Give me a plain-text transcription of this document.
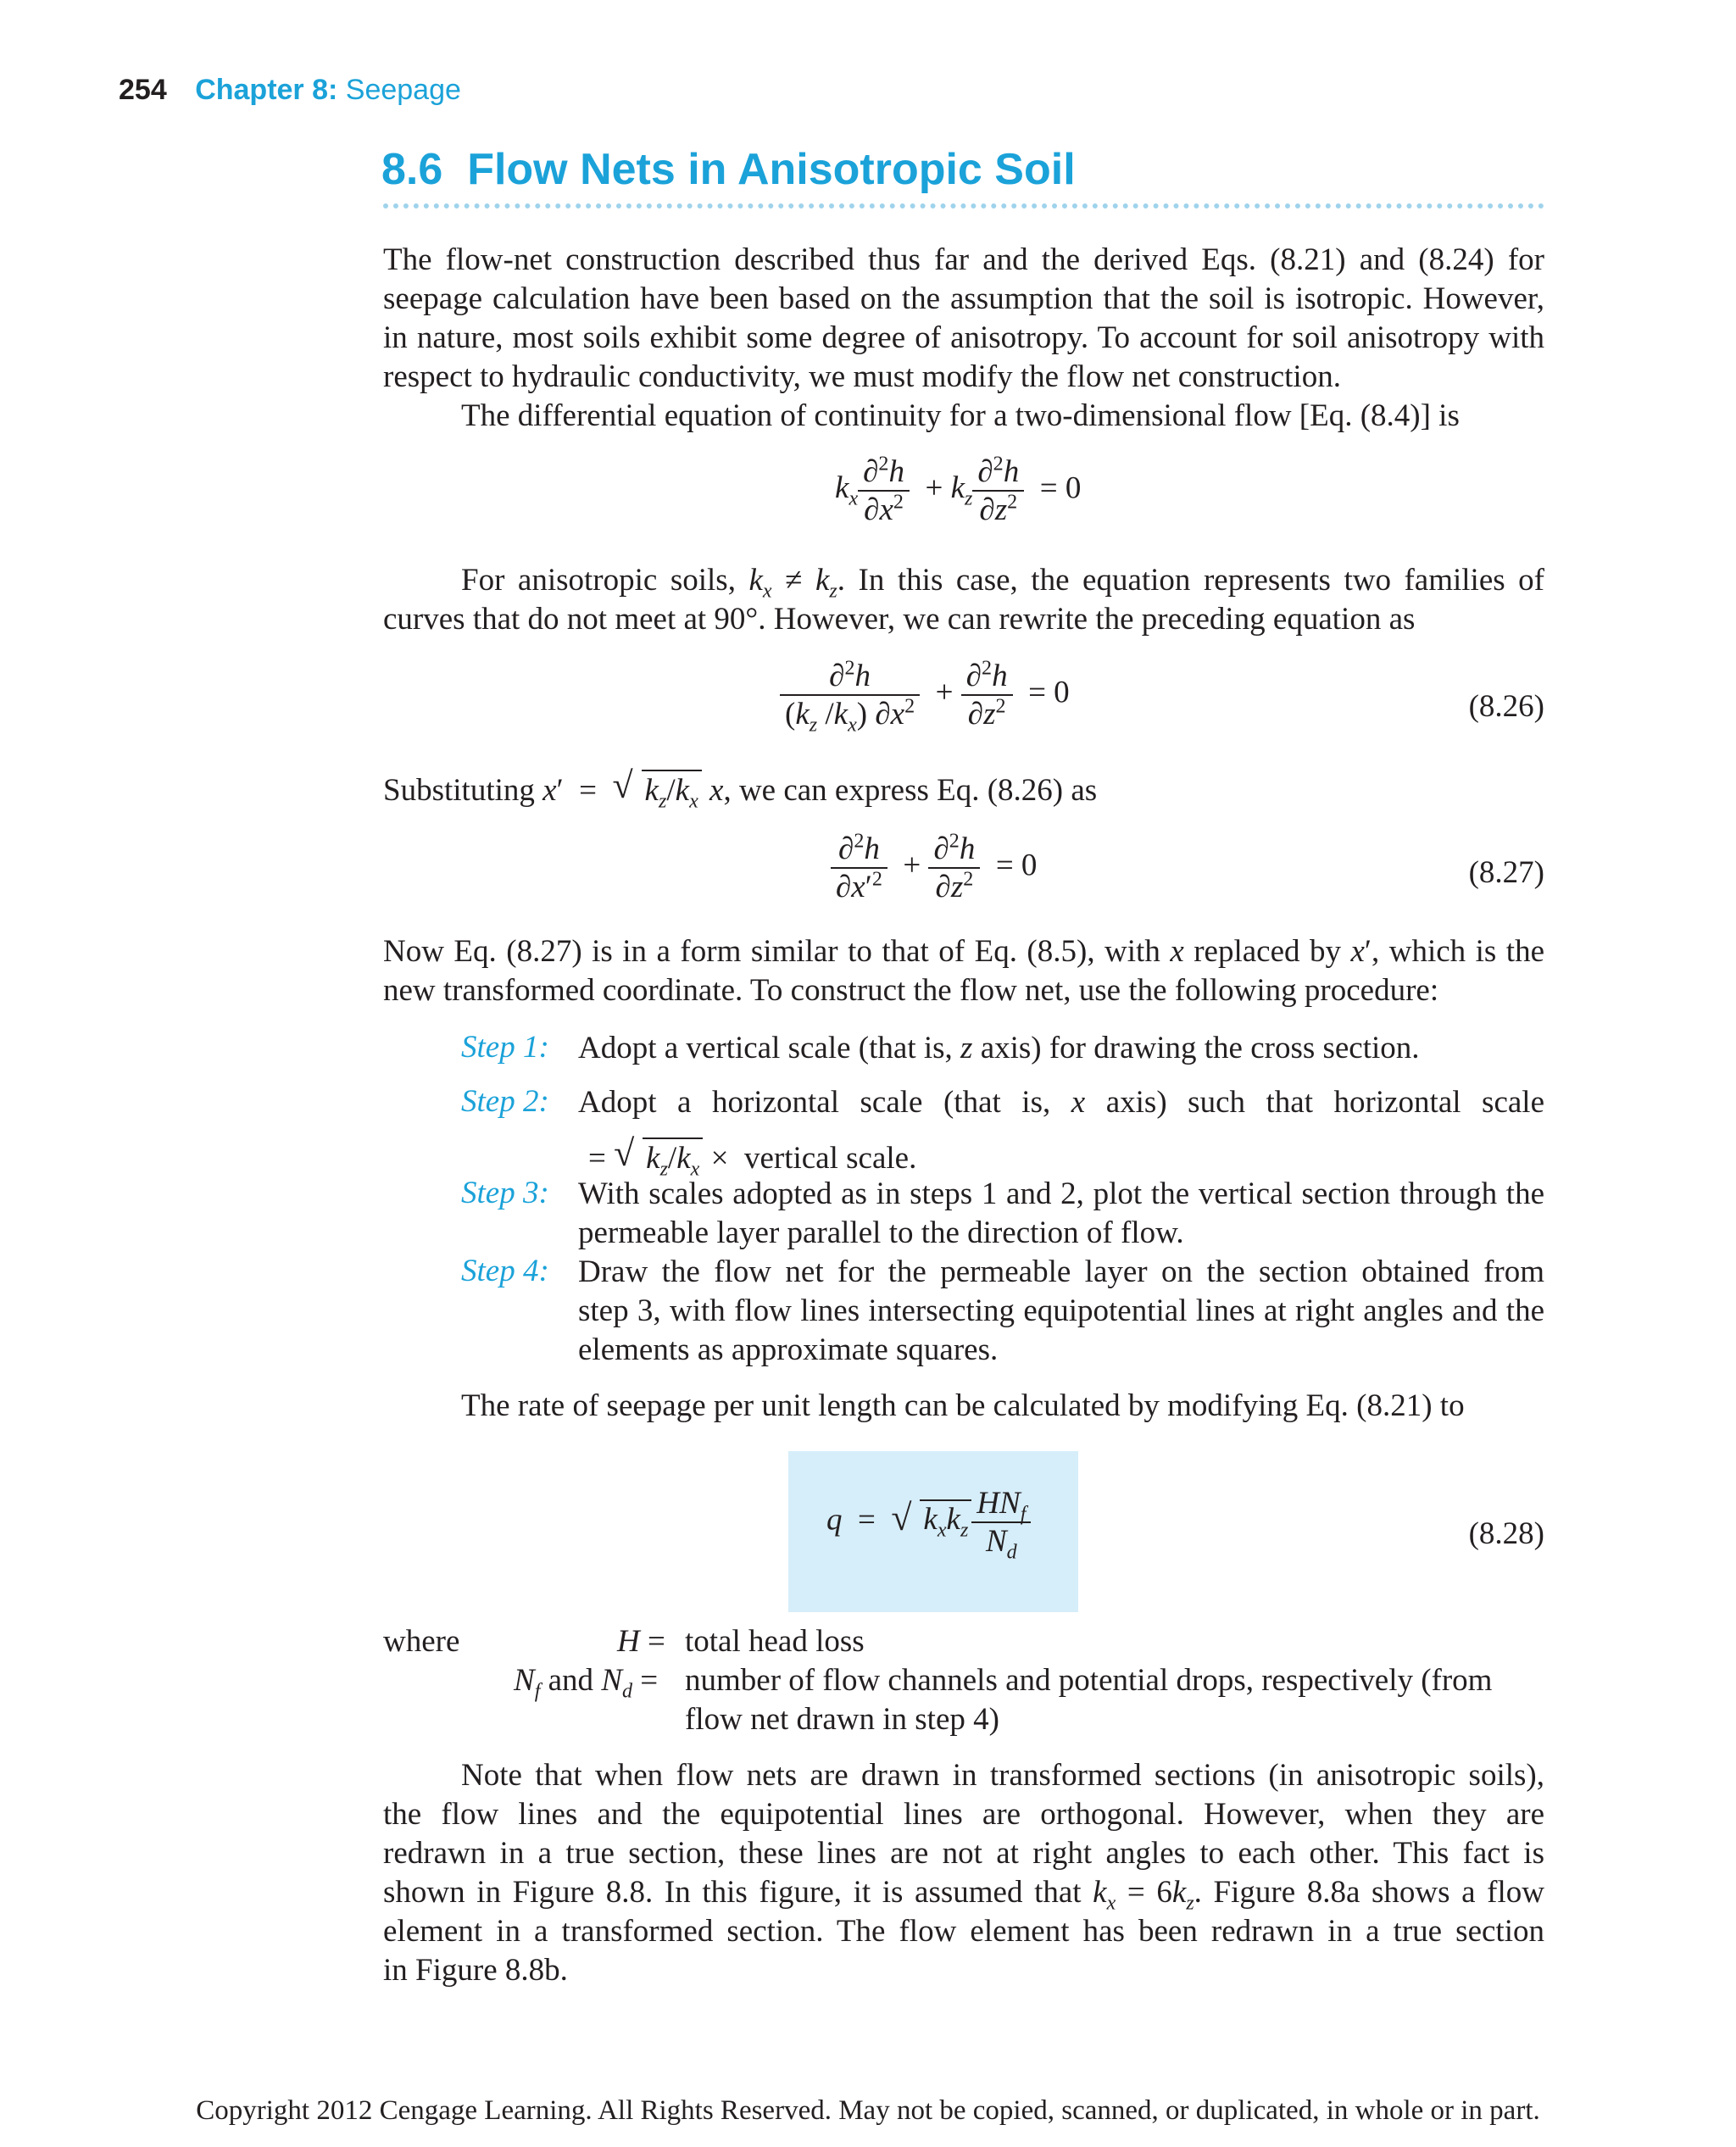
254 Chapter 8: Seepage
8.6 Flow Nets in Anisotropic Soil
The flow-net construction described thus far and the derived Eqs. (8.21) and (8.24) for
seepage calculation have been based on the assumption that the soil is isotropic. However,
in nature, most soils exhibit some degree of anisotropy. To account for soil anisotropy with
respect to hydraulic conductivity, we must modify the flow net construction.
The differential equation of continuity for a two-dimensional flow [Eq. (8.4)] is
$k_x \frac{\partial^2h}{\partial x^2} + k_z \frac{\partial^2h}{\partial z^2} = 0$
For anisotropic soils, $k_x \ne k_z$. In this case, the equation represents two families of
curves that do not meet at 90°. However, we can rewrite the preceding equation as
$\frac{\partial^2h}{(k_z /k_x) \partial x^2} + \frac{\partial^2h}{\partial z^2} = 0$	(8.26)
Substituting x′  = √ $k_z/k_x$ x, we can express Eq. (8.26) as
$\frac{\partial^2h}{\partial x'^2} + \frac{\partial^2h}{\partial z^2} = 0$	(8.27)
Now Eq. (8.27) is in a form similar to that of Eq. (8.5), with x replaced by x′, which is the
new transformed coordinate. To construct the flow net, use the following procedure:
Step 1: Adopt a vertical scale (that is, z axis) for drawing the cross section.
Step 2: Adopt a horizontal scale (that is, x axis) such that horizontal scale
= √ $k_z/k_x$ ×  vertical scale.
Step 3: With scales adopted as in steps 1 and 2, plot the vertical section through the
permeable layer parallel to the direction of flow.
Step 4: Draw the flow net for the permeable layer on the section obtained from
step 3, with flow lines intersecting equipotential lines at right angles and the
elements as approximate squares.
The rate of seepage per unit length can be calculated by modifying Eq. (8.21) to
q  = √ $k_xk_z \frac{HN_f}{N_d}$	(8.28)
where	H = total head loss
$N_f$ and $N_d$ = number of flow channels and potential drops, respectively (from
flow net drawn in step 4)
Note that when flow nets are drawn in transformed sections (in anisotropic soils),
the flow lines and the equipotential lines are orthogonal. However, when they are
redrawn in a true section, these lines are not at right angles to each other. This fact is
shown in Figure 8.8. In this figure, it is assumed that $k_x = 6k_z$. Figure 8.8a shows a flow
element in a transformed section. The flow element has been redrawn in a true section
in Figure 8.8b.
Copyright 2012 Cengage Learning. All Rights Reserved. May not be copied, scanned, or duplicated, in whole or in part.
